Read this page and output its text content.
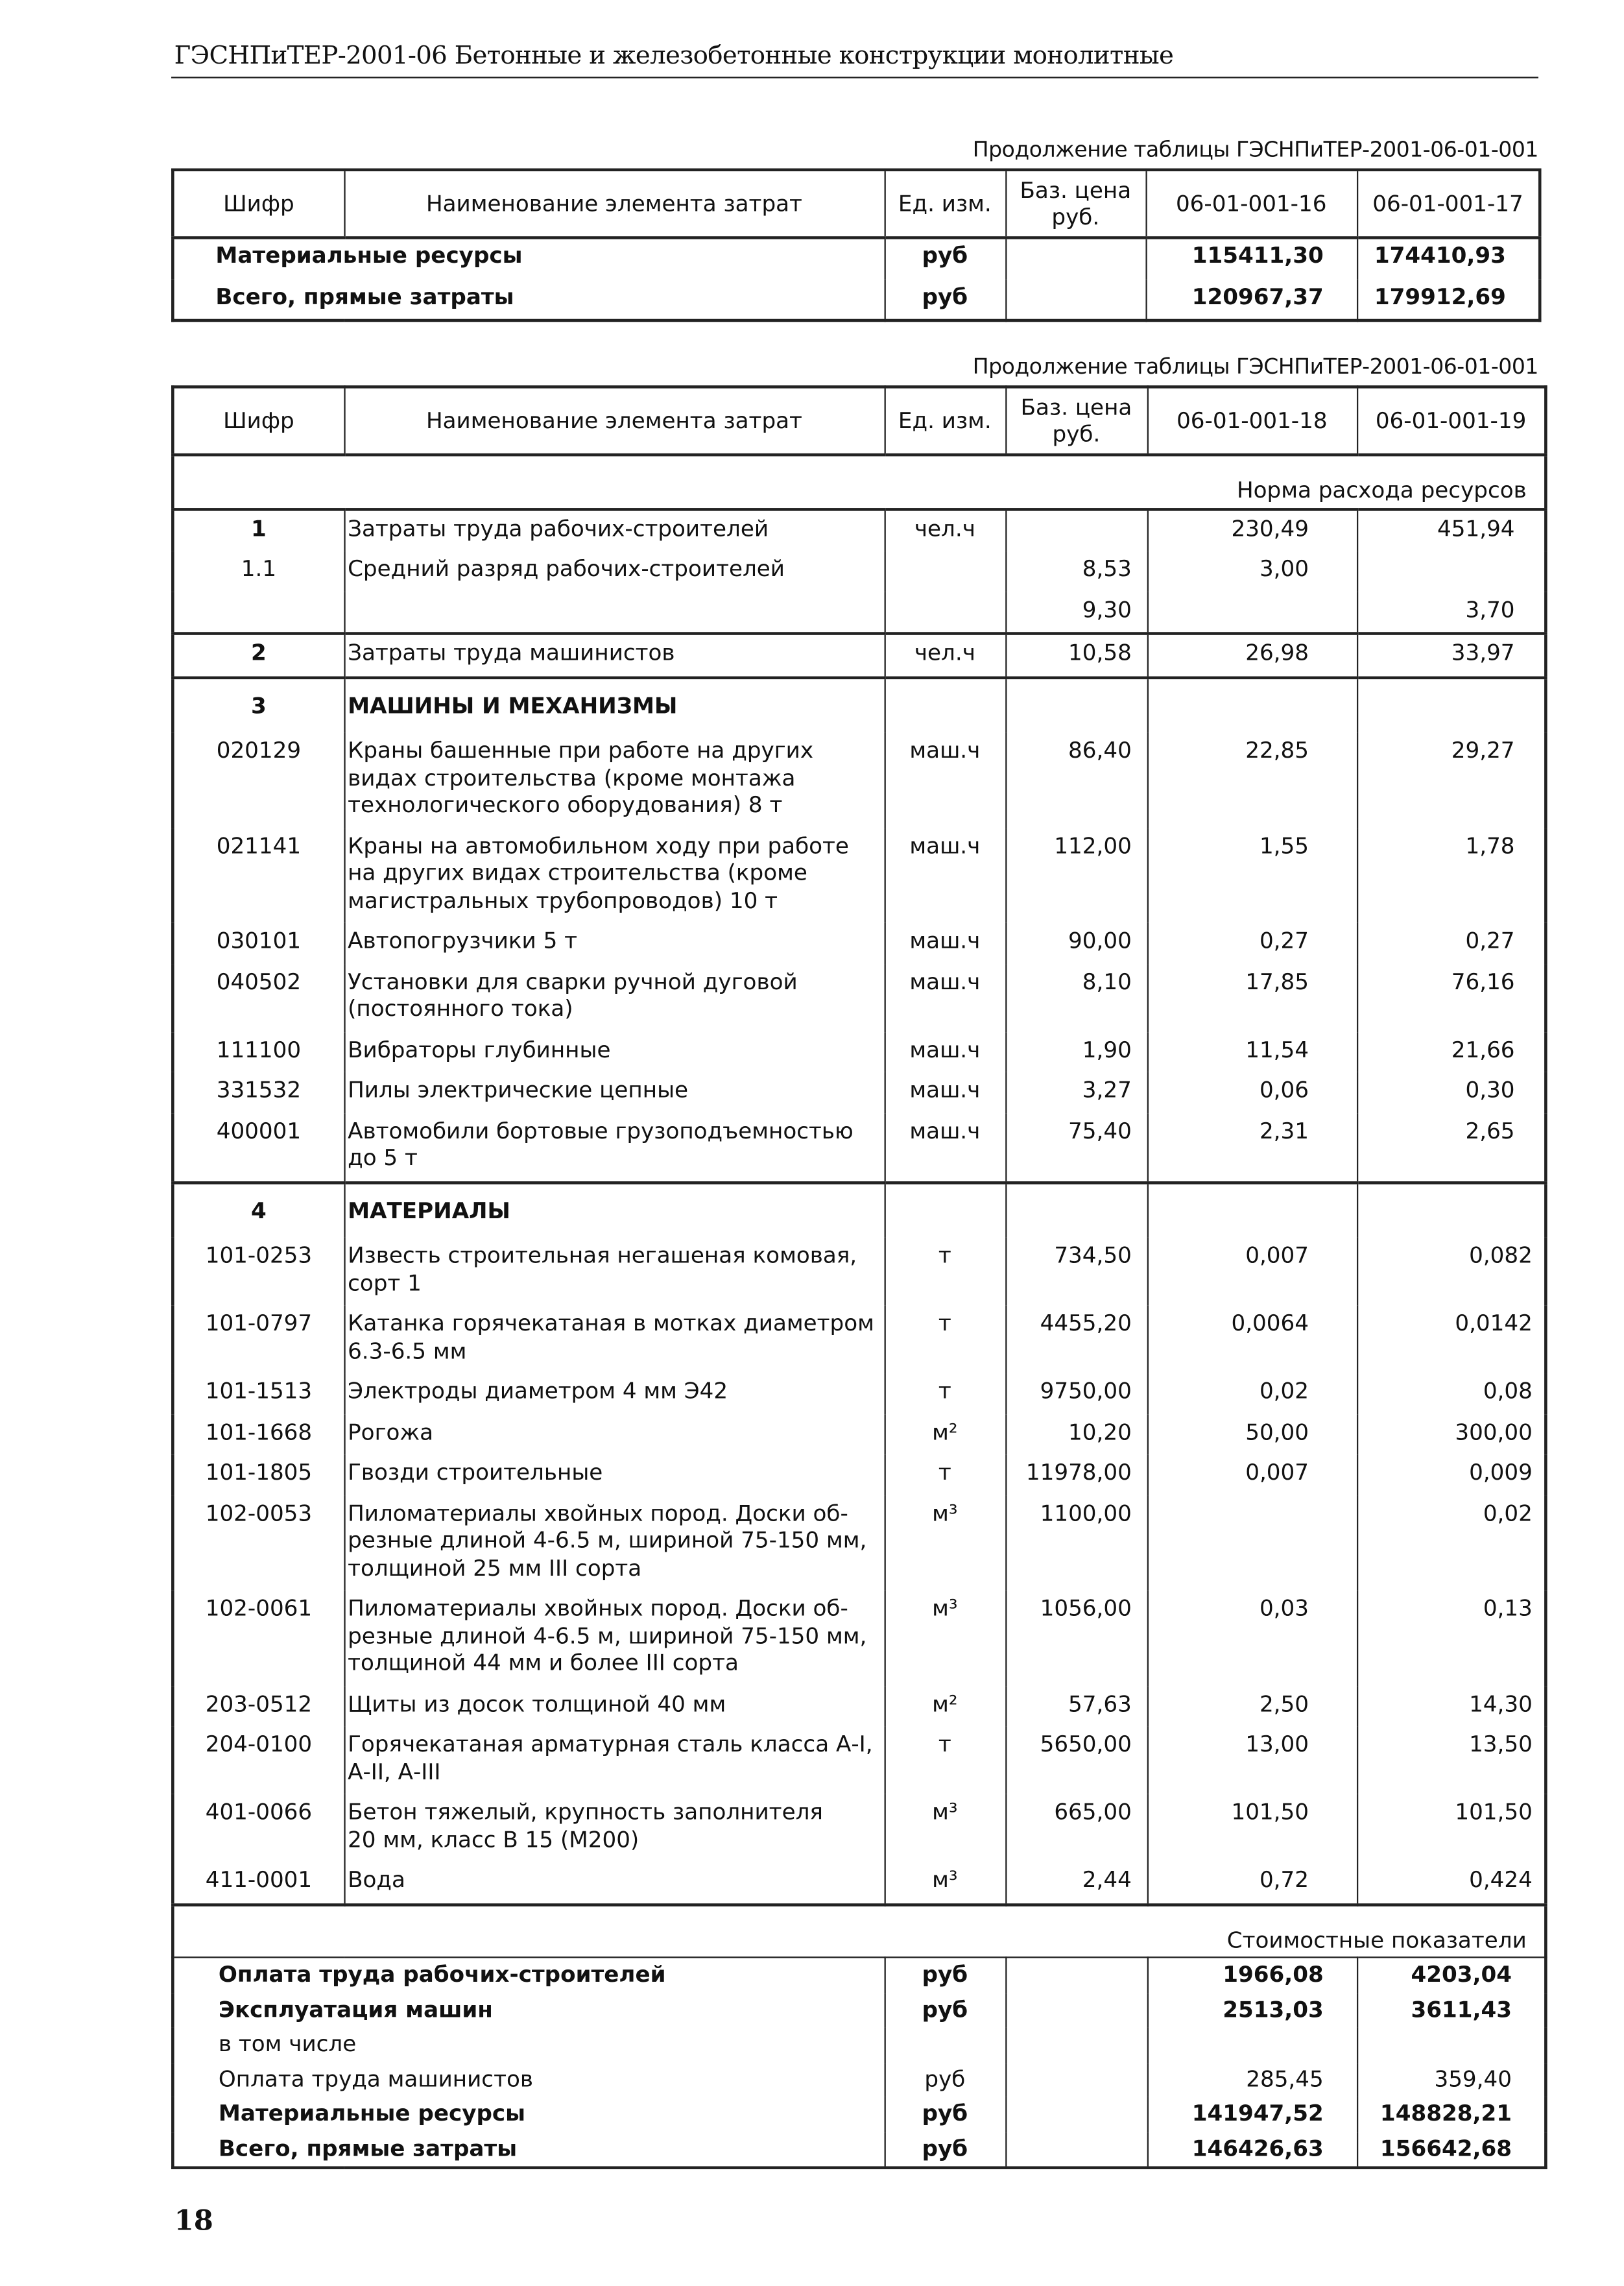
ГЭСНПиТЕР-2001-06 Бетонные и железобетонные конструкции монолитные
Продолжение таблицы ГЭСНПиТЕР-2001-06-01-001
Шифр	Наименование элемента затрат	Ед. изм.	Баз. цена
руб.	06-01-001-16	06-01-001-17
Материальные ресурсы		руб		115411,30	174410,93
Всего, прямые затраты		руб		120967,37	179912,69
Продолжение таблицы ГЭСНПиТЕР-2001-06-01-001
Шифр	Наименование элемента затрат	Ед. изм.	Баз. цена
руб.	06-01-001-18	06-01-001-19
Норма расхода ресурсов
1	Затраты труда рабочих-строителей	чел.ч		230,49	451,94
1.1	Средний разряд рабочих-строителей		8,53	3,00	
			9,30		3,70
2	Затраты труда машинистов	чел.ч	10,58	26,98	33,97
3	МАШИНЫ И МЕХАНИЗМЫ				
020129	Краны башенные при работе на других
видах строительства (кроме монтажа
технологического оборудования) 8 т	маш.ч	86,40	22,85	29,27
021141	Краны на автомобильном ходу при работе
на других видах строительства (кроме
магистральных трубопроводов) 10 т	маш.ч	112,00	1,55	1,78
030101	Автопогрузчики 5 т	маш.ч	90,00	0,27	0,27
040502	Установки для сварки ручной дуговой
(постоянного тока)	маш.ч	8,10	17,85	76,16
111100	Вибраторы глубинные	маш.ч	1,90	11,54	21,66
331532	Пилы электрические цепные	маш.ч	3,27	0,06	0,30
400001	Автомобили бортовые грузоподъемностью
до 5 т	маш.ч	75,40	2,31	2,65
4	МАТЕРИАЛЫ				
101-0253	Известь строительная негашеная комовая,
сорт 1	т	734,50	0,007	0,082
101-0797	Катанка горячекатаная в мотках диаметром
6.3-6.5 мм	т	4455,20	0,0064	0,0142
101-1513	Электроды диаметром 4 мм Э42	т	9750,00	0,02	0,08
101-1668	Рогожа	м²	10,20	50,00	300,00
101-1805	Гвозди строительные	т	11978,00	0,007	0,009
102-0053	Пиломатериалы хвойных пород. Доски об-
резные длиной 4-6.5 м, шириной 75-150 мм,
толщиной 25 мм III сорта	м³	1100,00		0,02
102-0061	Пиломатериалы хвойных пород. Доски об-
резные длиной 4-6.5 м, шириной 75-150 мм,
толщиной 44 мм и более III сорта	м³	1056,00	0,03	0,13
203-0512	Щиты из досок толщиной 40 мм	м²	57,63	2,50	14,30
204-0100	Горячекатаная арматурная сталь класса А-I,
А-II, А-III	т	5650,00	13,00	13,50
401-0066	Бетон тяжелый, крупность заполнителя
20 мм, класс В 15 (М200)	м³	665,00	101,50	101,50
411-0001	Вода	м³	2,44	0,72	0,424
Стоимостные показатели
Оплата труда рабочих-строителей	руб		1966,08	4203,04
Эксплуатация машин	руб		2513,03	3611,43
в том числе				
Оплата труда машинистов	руб		285,45	359,40
Материальные ресурсы	руб		141947,52	148828,21
Всего, прямые затраты	руб		146426,63	156642,68
18
